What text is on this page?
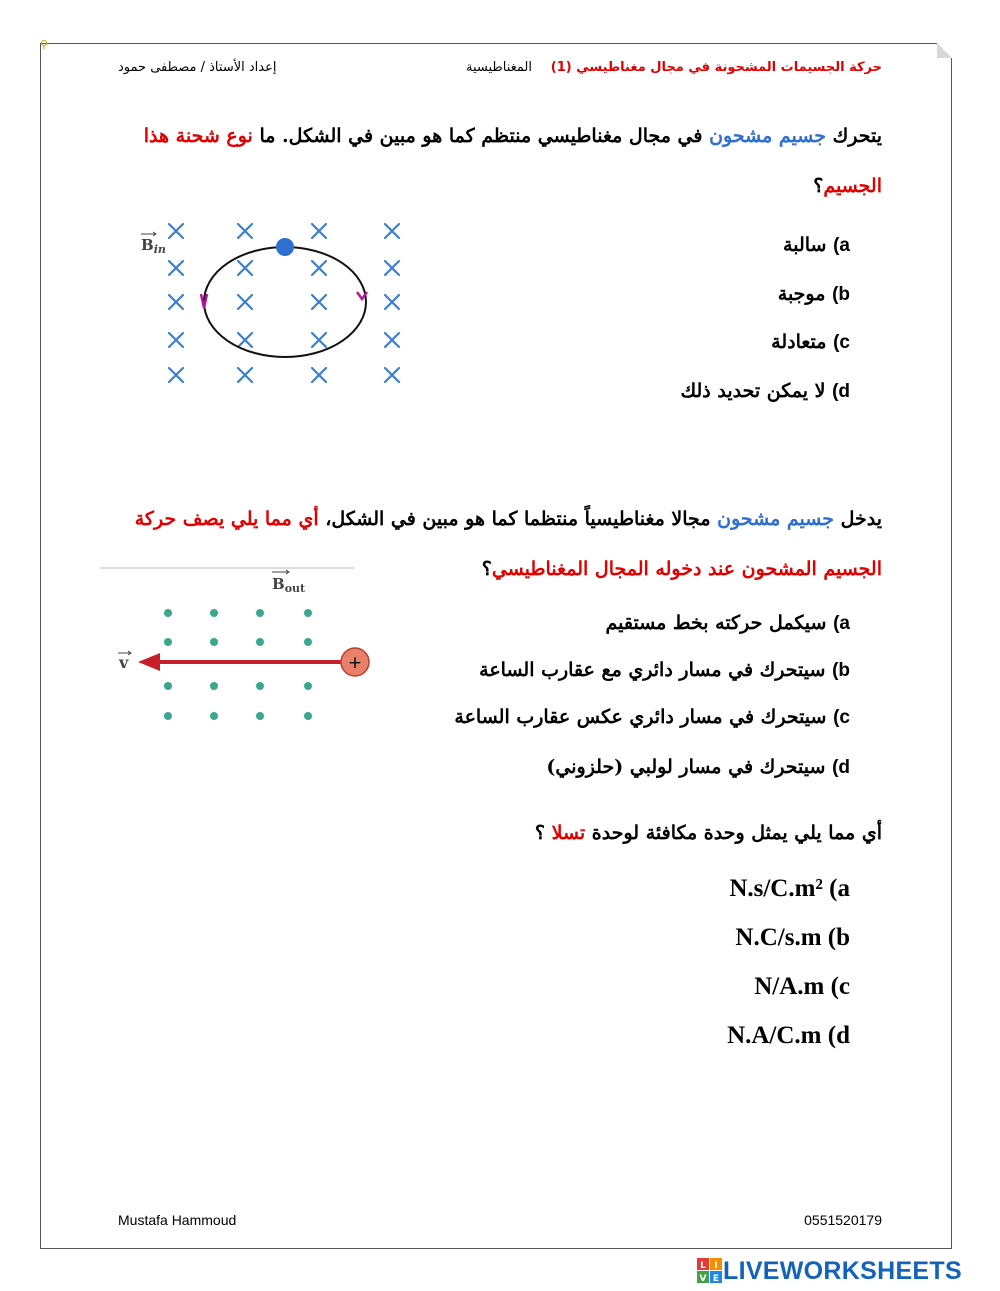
⚲
حركة الجسيمات المشحونة في مجال مغناطيسي (1)
المغناطيسية
إعداد الأستاذ / مصطفى حمود
يتحرك جسيم مشحون في مجال مغناطيسي منتظم كما هو مبين في الشكل. ما نوع شحنة هذا الجسيم؟
a) سالبة
b) موجبة
c) متعادلة
d) لا يمكن تحديد ذلك
$B_{in}$
يدخل جسيم مشحون مجالا مغناطيسياً منتظما كما هو مبين في الشكل، أي مما يلي يصف حركة الجسيم المشحون عند دخوله المجال المغناطيسي؟
a) سيكمل حركته بخط مستقيم
b) سيتحرك في مسار دائري مع عقارب الساعة
c) سيتحرك في مسار دائري عكس عقارب الساعة
d) سيتحرك في مسار لولبي (حلزوني)
$B_{out}$
+
v
أي مما يلي يمثل وحدة مكافئة لوحدة تسلا ؟
N.s/C.m² (a
N.C/s.m (b
N/A.m (c
N.A/C.m (d
Mustafa Hammoud	0551520179
L I
V E LIVEWORKSHEETS
